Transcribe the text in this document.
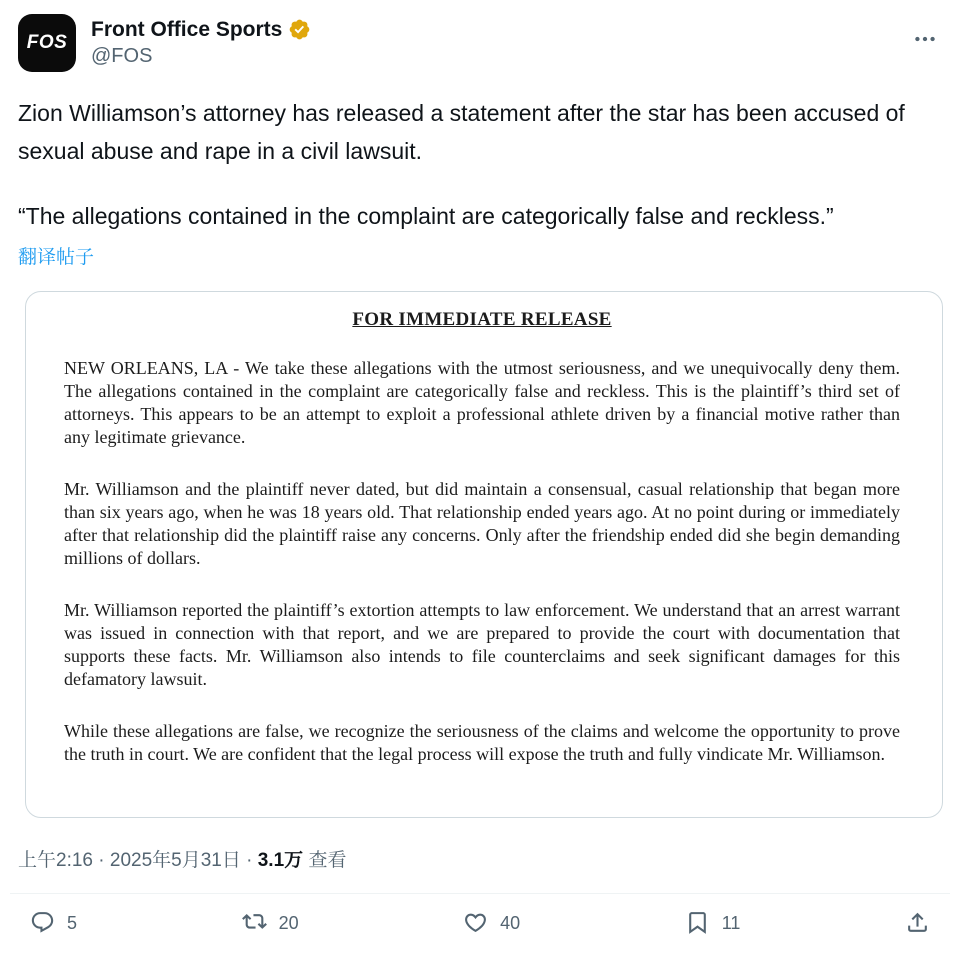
FOS
Front Office Sports
@FOS

Zion Williamson’s attorney has released a statement after the star has been accused of sexual abuse and rape in a civil lawsuit.

“The allegations contained in the complaint are categorically false and reckless.”

翻译帖子
FOR IMMEDIATE RELEASE

NEW ORLEANS, LA - We take these allegations with the utmost seriousness, and we unequivocally deny them. The allegations contained in the complaint are categorically false and reckless. This is the plaintiff’s third set of attorneys. This appears to be an attempt to exploit a professional athlete driven by a financial motive rather than any legitimate grievance.

Mr. Williamson and the plaintiff never dated, but did maintain a consensual, casual relationship that began more than six years ago, when he was 18 years old. That relationship ended years ago. At no point during or immediately after that relationship did the plaintiff raise any concerns. Only after the friendship ended did she begin demanding millions of dollars.

Mr. Williamson reported the plaintiff’s extortion attempts to law enforcement. We understand that an arrest warrant was issued in connection with that report, and we are prepared to provide the court with documentation that supports these facts. Mr. Williamson also intends to file counterclaims and seek significant damages for this defamatory lawsuit.

While these allegations are false, we recognize the seriousness of the claims and welcome the opportunity to prove the truth in court. We are confident that the legal process will expose the truth and fully vindicate Mr. Williamson.

上午2:16 · 2025年5月31日 · 3.1万 查看
5	20	40	11
